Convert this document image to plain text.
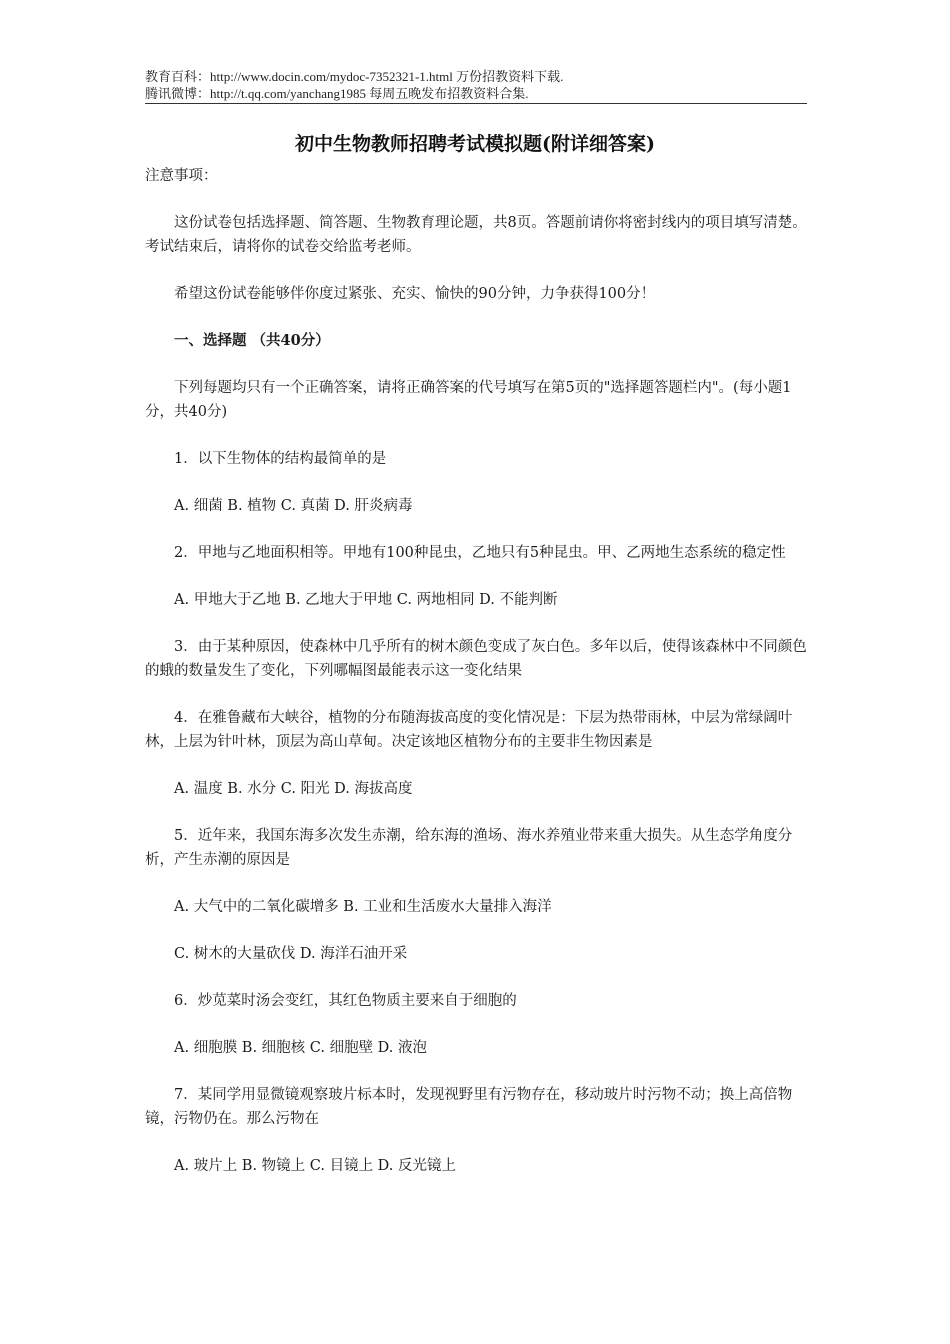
教育百科：http://www.docin.com/mydoc-7352321-1.html 万份招教资料下载.
腾讯微博：http://t.qq.com/yanchang1985 每周五晚发布招教资料合集.
初中生物教师招聘考试模拟题(附详细答案)

注意事项：

这份试卷包括选择题、简答题、生物教育理论题，共8页。答题前请你将密封线内的项目填写清楚。考试结束后，请将你的试卷交给监考老师。

希望这份试卷能够伴你度过紧张、充实、愉快的90分钟，力争获得100分！

一、选择题 （共40分）

下列每题均只有一个正确答案，请将正确答案的代号填写在第5页的"选择题答题栏内"。(每小题1分，共40分)

1．以下生物体的结构最简单的是

A. 细菌 B. 植物 C. 真菌 D. 肝炎病毒

2．甲地与乙地面积相等。甲地有100种昆虫，乙地只有5种昆虫。甲、乙两地生态系统的稳定性

A. 甲地大于乙地 B. 乙地大于甲地 C. 两地相同 D. 不能判断

3．由于某种原因，使森林中几乎所有的树木颜色变成了灰白色。多年以后，使得该森林中不同颜色的蛾的数量发生了变化，下列哪幅图最能表示这一变化结果

4．在雅鲁藏布大峡谷，植物的分布随海拔高度的变化情况是：下层为热带雨林，中层为常绿阔叶林，上层为针叶林，顶层为高山草甸。决定该地区植物分布的主要非生物因素是

A. 温度 B. 水分 C. 阳光 D. 海拔高度

5．近年来，我国东海多次发生赤潮，给东海的渔场、海水养殖业带来重大损失。从生态学角度分析，产生赤潮的原因是

A. 大气中的二氧化碳增多 B. 工业和生活废水大量排入海洋

C. 树木的大量砍伐 D. 海洋石油开采

6．炒苋菜时汤会变红，其红色物质主要来自于细胞的

A. 细胞膜 B. 细胞核 C. 细胞壁 D. 液泡

7．某同学用显微镜观察玻片标本时，发现视野里有污物存在，移动玻片时污物不动；换上高倍物镜，污物仍在。那么污物在

A. 玻片上 B. 物镜上 C. 目镜上 D. 反光镜上
